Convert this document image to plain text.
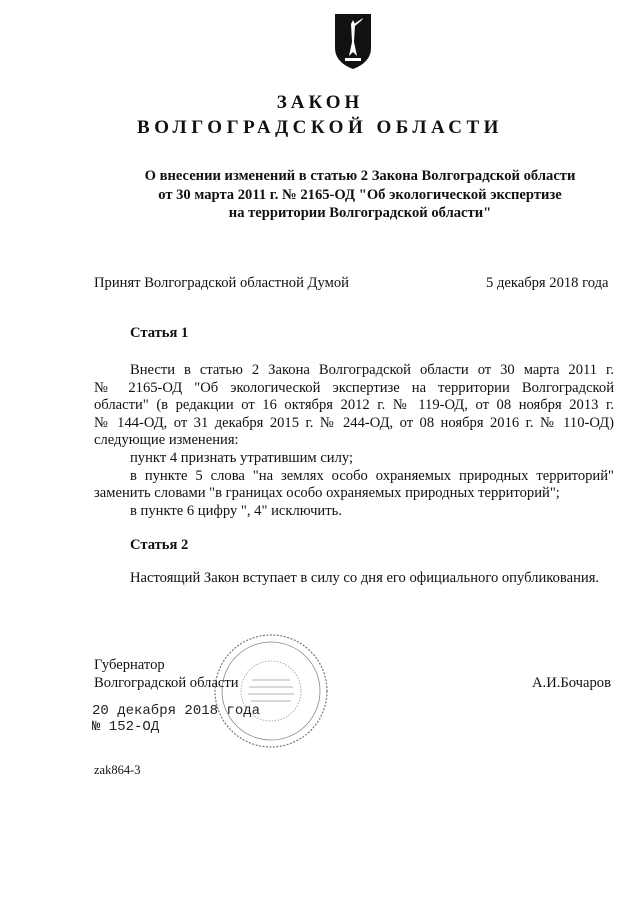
ЗАКОН
ВОЛГОГРАДСКОЙ ОБЛАСТИ
О внесении изменений в статью 2 Закона Волгоградской области
от 30 марта 2011 г. № 2165-ОД "Об экологической экспертизе
на территории Волгоградской области"
Принят Волгоградской областной Думой	5 декабря 2018 года
Статья 1
Внести в статью 2 Закона Волгоградской области от 30 марта 2011 г.
№ 2165-ОД "Об экологической экспертизе на территории Волгоградской
области" (в редакции от 16 октября 2012 г. № 119-ОД, от 08 ноября 2013 г.
№ 144-ОД, от 31 декабря 2015 г. № 244-ОД, от 08 ноября 2016 г. № 110-ОД)
следующие изменения:
пункт 4 признать утратившим силу;
в пункте 5 слова "на землях особо охраняемых природных территорий"
заменить словами "в границах особо охраняемых природных территорий";
в пункте 6 цифру ", 4" исключить.
Статья 2
Настоящий Закон вступает в силу со дня его официального опубликования.
Губернатор
Волгоградской области	А.И.Бочаров
20 декабря 2018 года
№ 152-ОД
zak864-3
